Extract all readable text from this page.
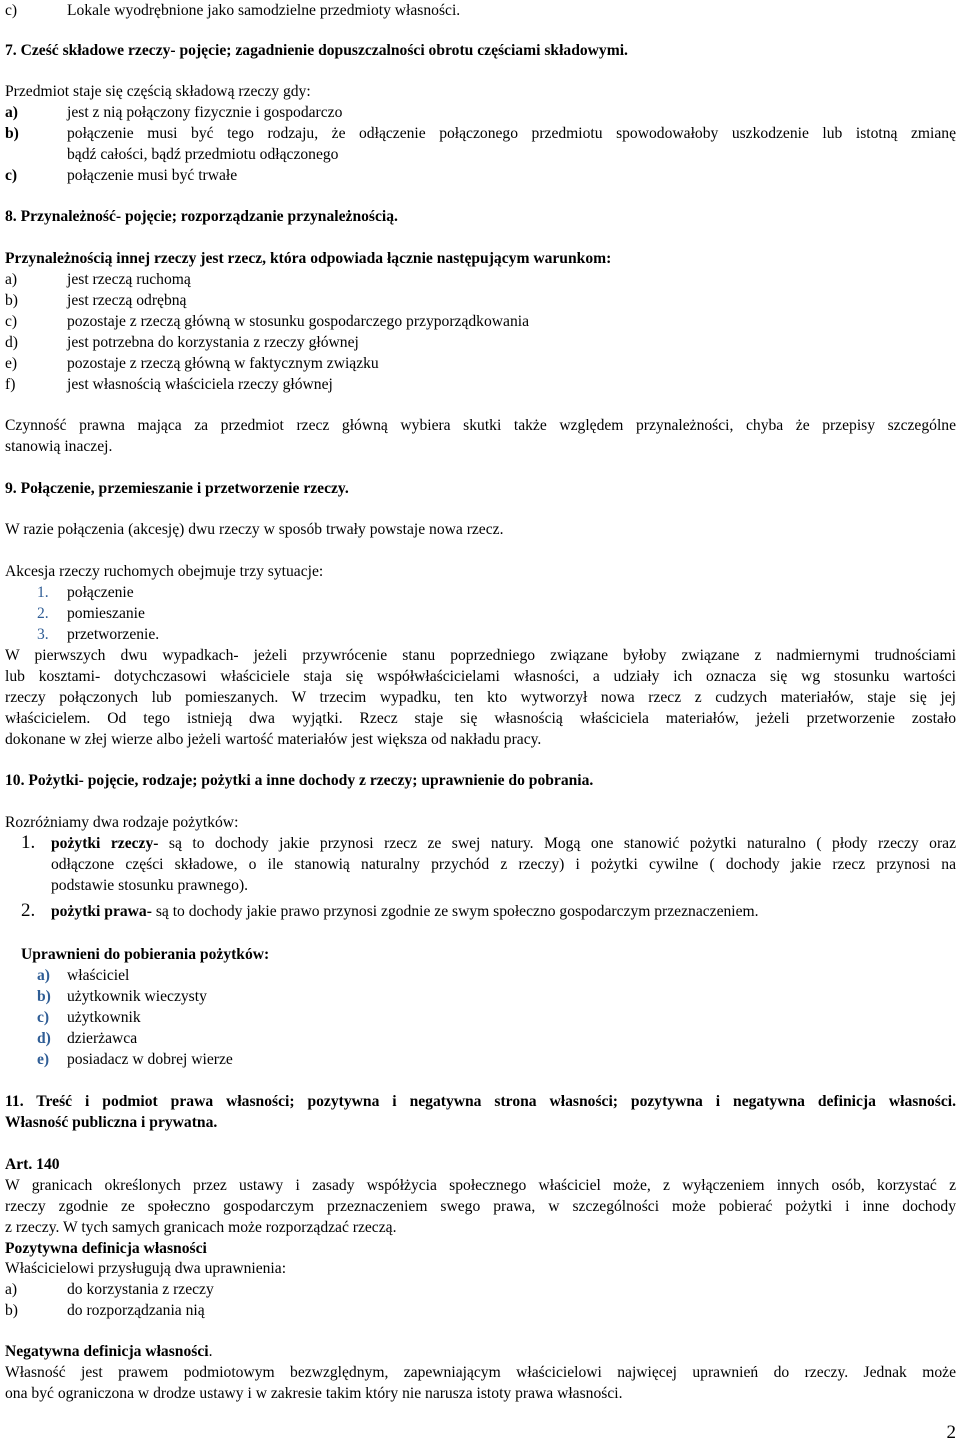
c)	Lokale wyodrębnione jako samodzielne przedmioty własności.
7. Cześć składowe rzeczy- pojęcie; zagadnienie dopuszczalności obrotu częściami składowymi.
Przedmiot staje się częścią składową rzeczy gdy:
a)	jest z nią połączony fizycznie i gospodarczo
b)	połączenie musi być tego rodzaju, że odłączenie połączonego przedmiotu spowodowałoby uszkodzenie lub istotną zmianę
bądź całości, bądź przedmiotu odłączonego
c)	połączenie musi być trwałe
8. Przynależność- pojęcie; rozporządzanie przynależnością.
Przynależnością innej rzeczy jest rzecz, która odpowiada łącznie następującym warunkom:
a)	jest rzeczą ruchomą
b)	jest rzeczą odrębną
c)	pozostaje z rzeczą główną w stosunku gospodarczego przyporządkowania
d)	jest potrzebna do korzystania z rzeczy głównej
e)	pozostaje z rzeczą główną w faktycznym związku
f)	jest własnością właściciela rzeczy głównej
Czynność prawna mająca za przedmiot rzecz główną wybiera skutki także względem przynależności, chyba że przepisy szczególne
stanowią inaczej.
9. Połączenie, przemieszanie i przetworzenie rzeczy.
W razie połączenia (akcesję) dwu rzeczy w sposób trwały powstaje nowa rzecz.
Akcesja rzeczy ruchomych obejmuje trzy sytuacje:
1. połączenie
2. pomieszanie
3. przetworzenie.
W pierwszych dwu wypadkach- jeżeli przywrócenie stanu poprzedniego związane byłoby związane z nadmiernymi trudnościami
lub kosztami- dotychczasowi właściciele staja się współwłaścicielami własności, a udziały ich oznacza się wg stosunku wartości
rzeczy połączonych lub pomieszanych. W trzecim wypadku, ten kto wytworzył nowa rzecz z cudzych materiałów, staje się jej
właścicielem. Od tego istnieją dwa wyjątki. Rzecz staje się własnością właściciela materiałów, jeżeli przetworzenie zostało
dokonane w złej wierze albo jeżeli wartość materiałów jest większa od nakładu pracy.
10. Pożytki- pojęcie, rodzaje; pożytki a inne dochody z rzeczy; uprawnienie do pobrania.
Rozróżniamy dwa rodzaje pożytków:
1. pożytki rzeczy- są to dochody jakie przynosi rzecz ze swej natury. Mogą one stanowić pożytki naturalno ( płody rzeczy oraz
odłączone części składowe, o ile stanowią naturalny przychód z rzeczy) i pożytki cywilne ( dochody jakie rzecz przynosi na
podstawie stosunku prawnego).
2. pożytki prawa- są to dochody jakie prawo przynosi zgodnie ze swym społeczno gospodarczym przeznaczeniem.
Uprawnieni do pobierania pożytków:
a) właściciel
b) użytkownik wieczysty
c) użytkownik
d) dzierżawca
e) posiadacz w dobrej wierze
11. Treść i podmiot prawa własności; pozytywna i negatywna strona własności; pozytywna i negatywna definicja własności.
Własność publiczna i prywatna.
Art. 140
W granicach określonych przez ustawy i zasady współżycia społecznego właściciel może, z wyłączeniem innych osób, korzystać z
rzeczy zgodnie ze społeczno gospodarczym przeznaczeniem swego prawa, w szczególności może pobierać pożytki i inne dochody
z rzeczy. W tych samych granicach może rozporządzać rzeczą.
Pozytywna definicja własności
Właścicielowi przysługują dwa uprawnienia:
a)	do korzystania z rzeczy
b)	do rozporządzania nią
Negatywna definicja własności.
Własność jest prawem podmiotowym bezwzględnym, zapewniającym właścicielowi najwięcej uprawnień do rzeczy. Jednak może
ona być ograniczona w drodze ustawy i w zakresie takim który nie narusza istoty prawa własności.
2
